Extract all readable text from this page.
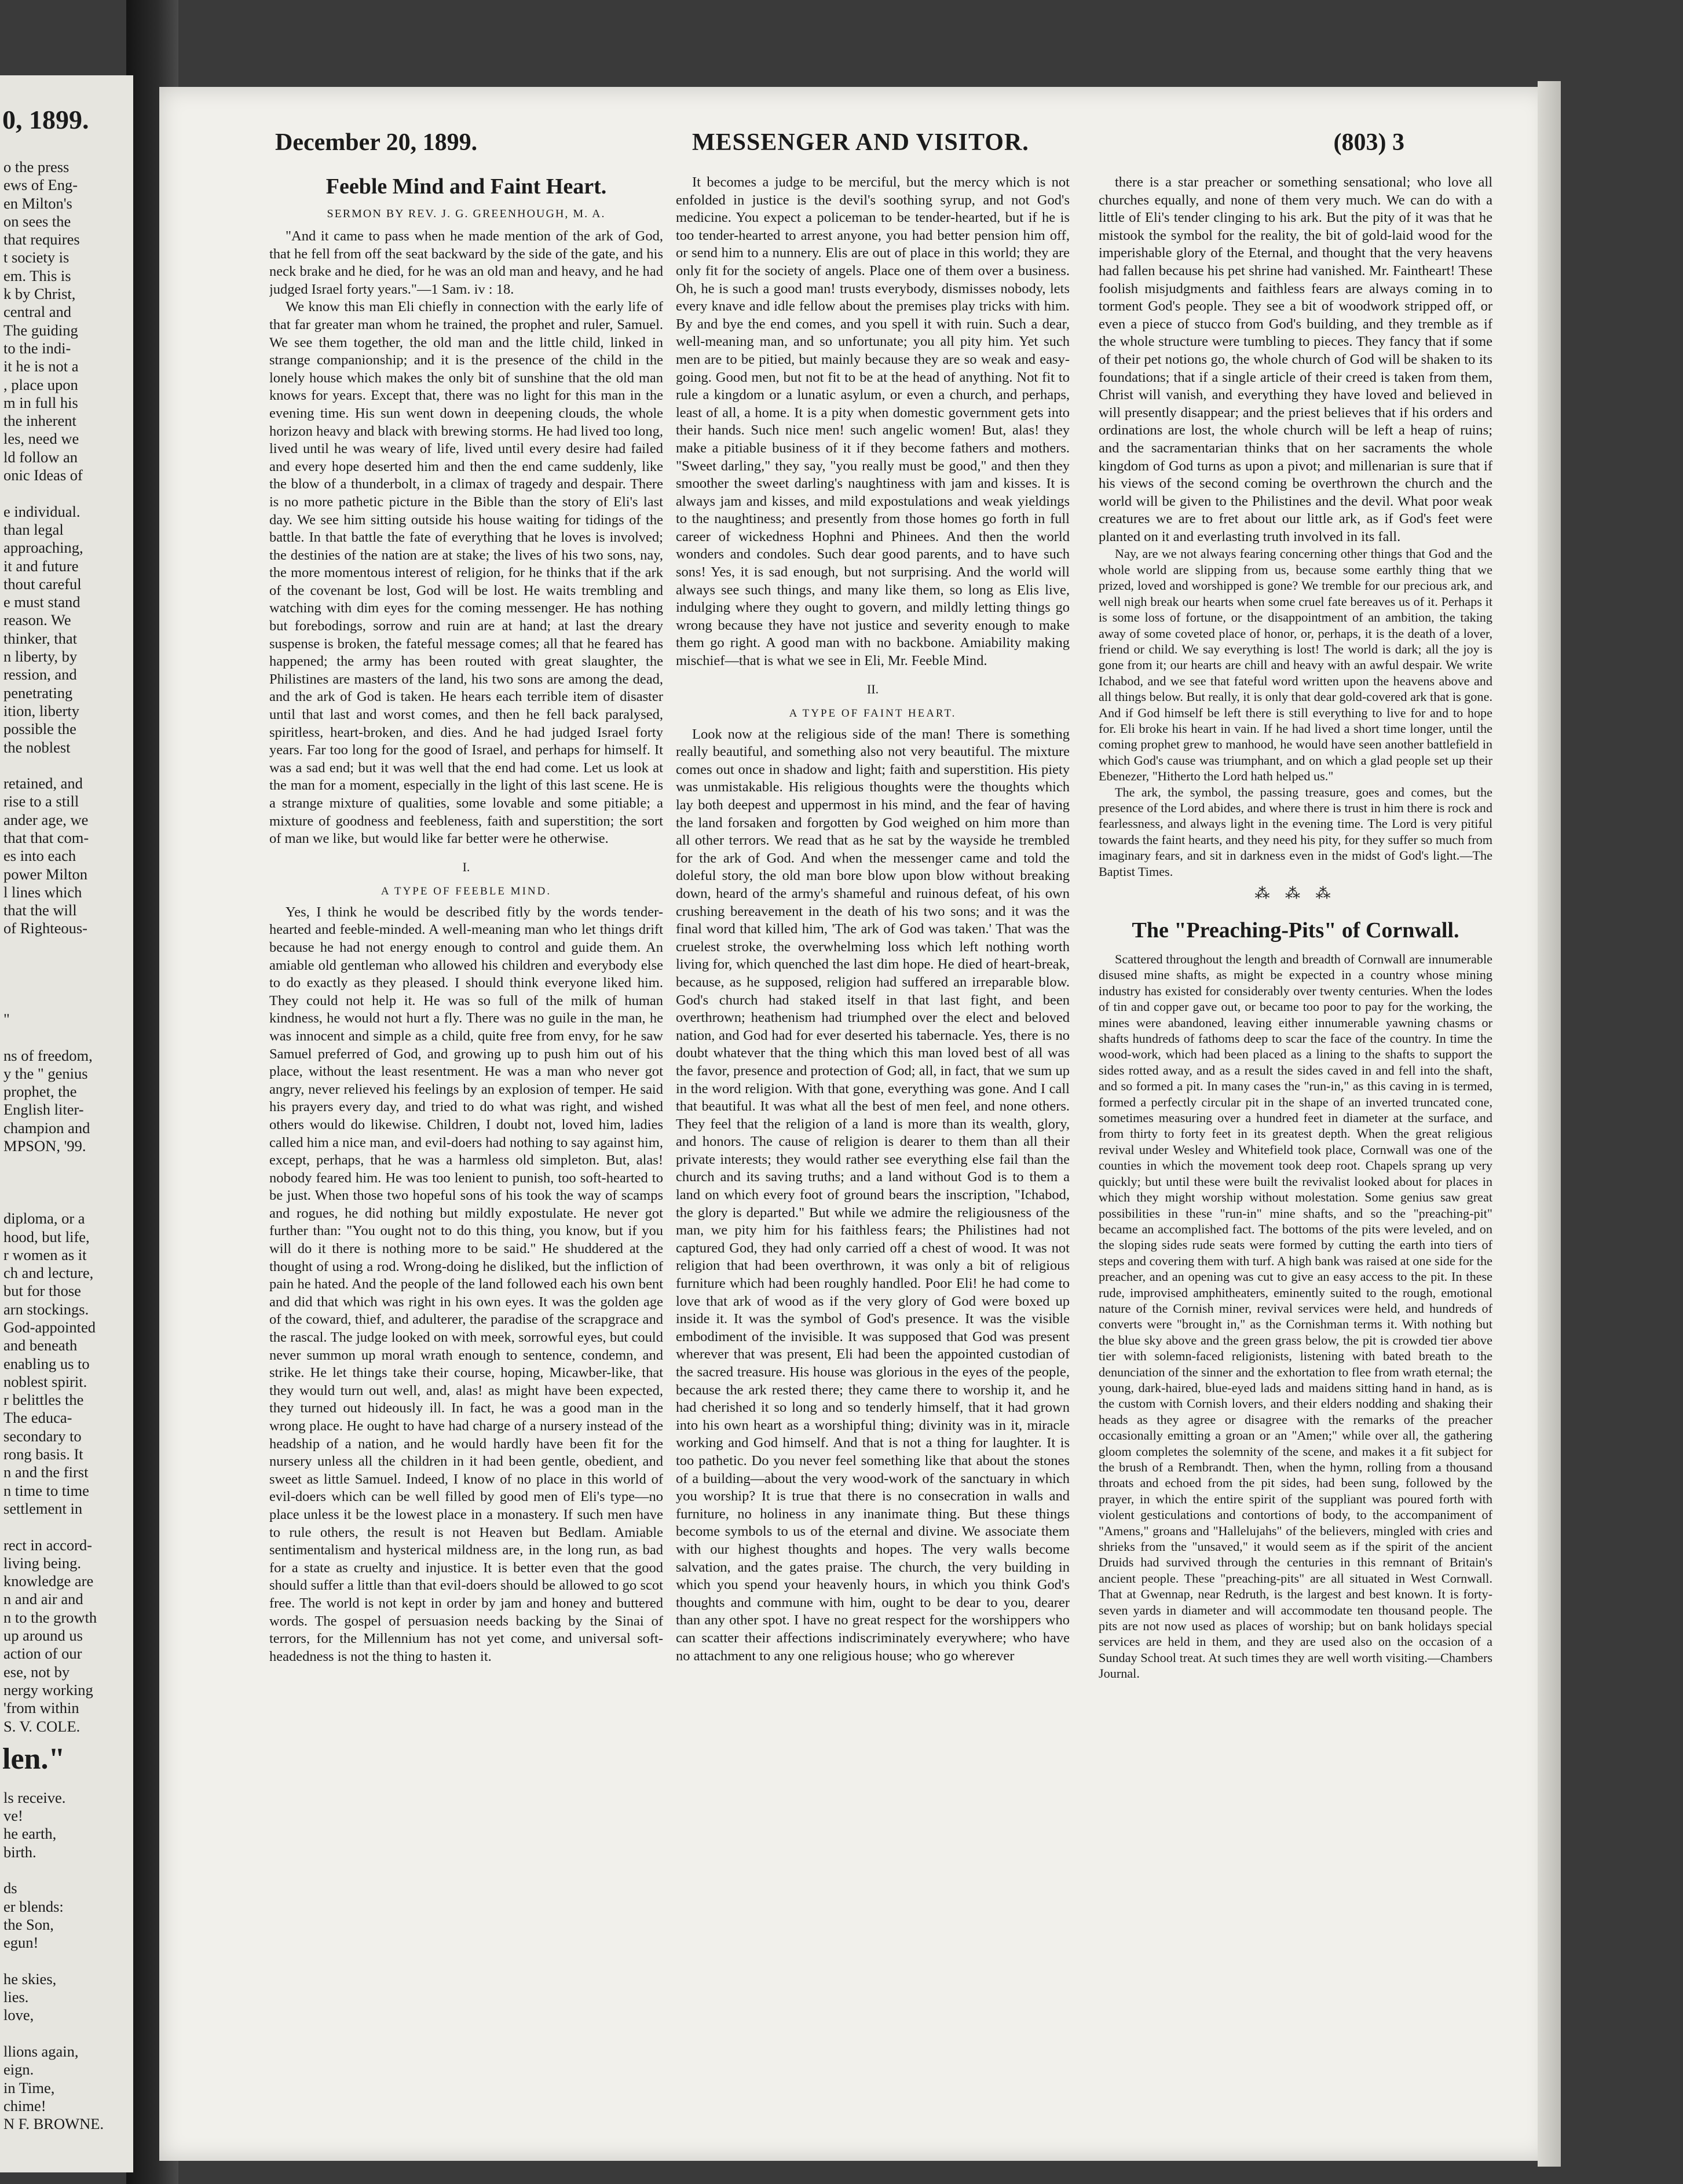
0, 1899.
o the press
ews of Eng-
en Milton's
on sees the
that requires
t society is
em. This is
k by Christ,
central and
The guiding
to the indi-
it he is not a
, place upon
m in full his
the inherent
les, need we
ld follow an
onic Ideas of
e individual.
than legal
approaching,
it and future
thout careful
e must stand
reason. We
thinker, that
n liberty, by
ression, and
penetrating
ition, liberty
possible the
the noblest
retained, and
rise to a still
ander age, we
that that com-
es into each
power Milton
l lines which
that the will
of Righteous-
"
ns of freedom,
y the " genius
prophet, the
English liter-
champion and
MPSON, '99.
diploma, or a
hood, but life,
r women as it
ch and lecture,
but for those
arn stockings.
God-appointed
and beneath
enabling us to
noblest spirit.
r belittles the
The educa-
secondary to
rong basis. It
n and the first
n time to time
settlement in
rect in accord-
living being.
knowledge are
n and air and
n to the growth
up around us
action of our
ese, not by
nergy working
'from within
S. V. COLE.
len."
ls receive.
ve!
he earth,
birth.
ds
er blends:
the Son,
egun!
he skies,
lies.
love,
llions again,
eign.
in Time,
chime!
N F. BROWNE.
December 20, 1899.	MESSENGER AND VISITOR.	(803) 3
Feeble Mind and Faint Heart.
SERMON BY REV. J. G. GREENHOUGH, M. A.

"And it came to pass when he made mention of the ark of God, that he fell from off the seat backward by the side of the gate, and his neck brake and he died, for he was an old man and heavy, and he had judged Israel forty years."—1 Sam. iv : 18.

We know this man Eli chiefly in connection with the early life of that far greater man whom he trained, the prophet and ruler, Samuel. We see them together, the old man and the little child, linked in strange companionship; and it is the presence of the child in the lonely house which makes the only bit of sunshine that the old man knows for years. Except that, there was no light for this man in the evening time. His sun went down in deepening clouds, the whole horizon heavy and black with brewing storms. He had lived too long, lived until he was weary of life, lived until every desire had failed and every hope deserted him and then the end came suddenly, like the blow of a thunderbolt, in a climax of tragedy and despair. There is no more pathetic picture in the Bible than the story of Eli's last day. We see him sitting outside his house waiting for tidings of the battle. In that battle the fate of everything that he loves is involved; the destinies of the nation are at stake; the lives of his two sons, nay, the more momentous interest of religion, for he thinks that if the ark of the covenant be lost, God will be lost. He waits trembling and watching with dim eyes for the coming messenger. He has nothing but forebodings, sorrow and ruin are at hand; at last the dreary suspense is broken, the fateful message comes; all that he feared has happened; the army has been routed with great slaughter, the Philistines are masters of the land, his two sons are among the dead, and the ark of God is taken. He hears each terrible item of disaster until that last and worst comes, and then he fell back paralysed, spiritless, heart-broken, and dies. And he had judged Israel forty years. Far too long for the good of Israel, and perhaps for himself. It was a sad end; but it was well that the end had come. Let us look at the man for a moment, especially in the light of this last scene. He is a strange mixture of qualities, some lovable and some pitiable; a mixture of goodness and feebleness, faith and superstition; the sort of man we like, but would like far better were he otherwise.

I.
A TYPE OF FEEBLE MIND.

Yes, I think he would be described fitly by the words tender-hearted and feeble-minded. A well-meaning man who let things drift because he had not energy enough to control and guide them. An amiable old gentleman who allowed his children and everybody else to do exactly as they pleased. I should think everyone liked him. They could not help it. He was so full of the milk of human kindness, he would not hurt a fly. There was no guile in the man, he was innocent and simple as a child, quite free from envy, for he saw Samuel preferred of God, and growing up to push him out of his place, without the least resentment. He was a man who never got angry, never relieved his feelings by an explosion of temper. He said his prayers every day, and tried to do what was right, and wished others would do likewise. Children, I doubt not, loved him, ladies called him a nice man, and evil-doers had nothing to say against him, except, perhaps, that he was a harmless old simpleton. But, alas! nobody feared him. He was too lenient to punish, too soft-hearted to be just. When those two hopeful sons of his took the way of scamps and rogues, he did nothing but mildly expostulate. He never got further than: "You ought not to do this thing, you know, but if you will do it there is nothing more to be said." He shuddered at the thought of using a rod. Wrong-doing he disliked, but the infliction of pain he hated. And the people of the land followed each his own bent and did that which was right in his own eyes. It was the golden age of the coward, thief, and adulterer, the paradise of the scrapgrace and the rascal. The judge looked on with meek, sorrowful eyes, but could never summon up moral wrath enough to sentence, condemn, and strike. He let things take their course, hoping, Micawber-like, that they would turn out well, and, alas! as might have been expected, they turned out hideously ill. In fact, he was a good man in the wrong place. He ought to have had charge of a nursery instead of the headship of a nation, and he would hardly have been fit for the nursery unless all the children in it had been gentle, obedient, and sweet as little Samuel. Indeed, I know of no place in this world of evil-doers which can be well filled by good men of Eli's type—no place unless it be the lowest place in a monastery. If such men have to rule others, the result is not Heaven but Bedlam. Amiable sentimentalism and hysterical mildness are, in the long run, as bad for a state as cruelty and injustice. It is better even that the good should suffer a little than that evil-doers should be allowed to go scot free. The world is not kept in order by jam and honey and buttered words. The gospel of persuasion needs backing by the Sinai of terrors, for the Millennium has not yet come, and universal soft-headedness is not the thing to hasten it.

It becomes a judge to be merciful, but the mercy which is not enfolded in justice is the devil's soothing syrup, and not God's medicine. You expect a policeman to be tender-hearted, but if he is too tender-hearted to arrest anyone, you had better pension him off, or send him to a nunnery. Elis are out of place in this world; they are only fit for the society of angels. Place one of them over a business. Oh, he is such a good man! trusts everybody, dismisses nobody, lets every knave and idle fellow about the premises play tricks with him. By and bye the end comes, and you spell it with ruin. Such a dear, well-meaning man, and so unfortunate; you all pity him. Yet such men are to be pitied, but mainly because they are so weak and easy-going. Good men, but not fit to be at the head of anything. Not fit to rule a kingdom or a lunatic asylum, or even a church, and perhaps, least of all, a home. It is a pity when domestic government gets into their hands. Such nice men! such angelic women! But, alas! they make a pitiable business of it if they become fathers and mothers. "Sweet darling," they say, "you really must be good," and then they smoother the sweet darling's naughtiness with jam and kisses. It is always jam and kisses, and mild expostulations and weak yieldings to the naughtiness; and presently from those homes go forth in full career of wickedness Hophni and Phinees. And then the world wonders and condoles. Such dear good parents, and to have such sons! Yes, it is sad enough, but not surprising. And the world will always see such things, and many like them, so long as Elis live, indulging where they ought to govern, and mildly letting things go wrong because they have not justice and severity enough to make them go right. A good man with no backbone. Amiability making mischief—that is what we see in Eli, Mr. Feeble Mind.

II.
A TYPE OF FAINT HEART.

Look now at the religious side of the man! There is something really beautiful, and something also not very beautiful. The mixture comes out once in shadow and light; faith and superstition. His piety was unmistakable. His religious thoughts were the thoughts which lay both deepest and uppermost in his mind, and the fear of having the land forsaken and forgotten by God weighed on him more than all other terrors. We read that as he sat by the wayside he trembled for the ark of God. And when the messenger came and told the doleful story, the old man bore blow upon blow without breaking down, heard of the army's shameful and ruinous defeat, of his own crushing bereavement in the death of his two sons; and it was the final word that killed him, 'The ark of God was taken.' That was the cruelest stroke, the overwhelming loss which left nothing worth living for, which quenched the last dim hope. He died of heart-break, because, as he supposed, religion had suffered an irreparable blow. God's church had staked itself in that last fight, and been overthrown; heathenism had triumphed over the elect and beloved nation, and God had for ever deserted his tabernacle. Yes, there is no doubt whatever that the thing which this man loved best of all was the favor, presence and protection of God; all, in fact, that we sum up in the word religion. With that gone, everything was gone. And I call that beautiful. It was what all the best of men feel, and none others. They feel that the religion of a land is more than its wealth, glory, and honors. The cause of religion is dearer to them than all their private interests; they would rather see everything else fail than the church and its saving truths; and a land without God is to them a land on which every foot of ground bears the inscription, "Ichabod, the glory is departed." But while we admire the religiousness of the man, we pity him for his faithless fears; the Philistines had not captured God, they had only carried off a chest of wood. It was not religion that had been overthrown, it was only a bit of religious furniture which had been roughly handled. Poor Eli! he had come to love that ark of wood as if the very glory of God were boxed up inside it. It was the symbol of God's presence. It was the visible embodiment of the invisible. It was supposed that God was present wherever that was present, Eli had been the appointed custodian of the sacred treasure. His house was glorious in the eyes of the people, because the ark rested there; they came there to worship it, and he had cherished it so long and so tenderly himself, that it had grown into his own heart as a worshipful thing; divinity was in it, miracle working and God himself. And that is not a thing for laughter. It is too pathetic. Do you never feel something like that about the stones of a building—about the very wood-work of the sanctuary in which you worship? It is true that there is no consecration in walls and furniture, no holiness in any inanimate thing. But these things become symbols to us of the eternal and divine. We associate them with our highest thoughts and hopes. The very walls become salvation, and the gates praise. The church, the very building in which you spend your heavenly hours, in which you think God's thoughts and commune with him, ought to be dear to you, dearer than any other spot. I have no great respect for the worshippers who can scatter their affections indiscriminately everywhere; who have no attachment to any one religious house; who go wherever

there is a star preacher or something sensational; who love all churches equally, and none of them very much. We can do with a little of Eli's tender clinging to his ark. But the pity of it was that he mistook the symbol for the reality, the bit of gold-laid wood for the imperishable glory of the Eternal, and thought that the very heavens had fallen because his pet shrine had vanished. Mr. Faintheart! These foolish misjudgments and faithless fears are always coming in to torment God's people. They see a bit of woodwork stripped off, or even a piece of stucco from God's building, and they tremble as if the whole structure were tumbling to pieces. They fancy that if some of their pet notions go, the whole church of God will be shaken to its foundations; that if a single article of their creed is taken from them, Christ will vanish, and everything they have loved and believed in will presently disappear; and the priest believes that if his orders and ordinations are lost, the whole church will be left a heap of ruins; and the sacramentarian thinks that on her sacraments the whole kingdom of God turns as upon a pivot; and millenarian is sure that if his views of the second coming be overthrown the church and the world will be given to the Philistines and the devil. What poor weak creatures we are to fret about our little ark, as if God's feet were planted on it and everlasting truth involved in its fall.

Nay, are we not always fearing concerning other things that God and the whole world are slipping from us, because some earthly thing that we prized, loved and worshipped is gone? We tremble for our precious ark, and well nigh break our hearts when some cruel fate bereaves us of it. Perhaps it is some loss of fortune, or the disappointment of an ambition, the taking away of some coveted place of honor, or, perhaps, it is the death of a lover, friend or child. We say everything is lost! The world is dark; all the joy is gone from it; our hearts are chill and heavy with an awful despair. We write Ichabod, and we see that fateful word written upon the heavens above and all things below. But really, it is only that dear gold-covered ark that is gone. And if God himself be left there is still everything to live for and to hope for. Eli broke his heart in vain. If he had lived a short time longer, until the coming prophet grew to manhood, he would have seen another battlefield in which God's cause was triumphant, and on which a glad people set up their Ebenezer, "Hitherto the Lord hath helped us."

The ark, the symbol, the passing treasure, goes and comes, but the presence of the Lord abides, and where there is trust in him there is rock and fearlessness, and always light in the evening time. The Lord is very pitiful towards the faint hearts, and they need his pity, for they suffer so much from imaginary fears, and sit in darkness even in the midst of God's light.—The Baptist Times.

⁂ ⁂ ⁂
The "Preaching-Pits" of Cornwall.

Scattered throughout the length and breadth of Cornwall are innumerable disused mine shafts, as might be expected in a country whose mining industry has existed for considerably over twenty centuries. When the lodes of tin and copper gave out, or became too poor to pay for the working, the mines were abandoned, leaving either innumerable yawning chasms or shafts hundreds of fathoms deep to scar the face of the country. In time the wood-work, which had been placed as a lining to the shafts to support the sides rotted away, and as a result the sides caved in and fell into the shaft, and so formed a pit. In many cases the "run-in," as this caving in is termed, formed a perfectly circular pit in the shape of an inverted truncated cone, sometimes measuring over a hundred feet in diameter at the surface, and from thirty to forty feet in its greatest depth. When the great religious revival under Wesley and Whitefield took place, Cornwall was one of the counties in which the movement took deep root. Chapels sprang up very quickly; but until these were built the revivalist looked about for places in which they might worship without molestation. Some genius saw great possibilities in these "run-in" mine shafts, and so the "preaching-pit" became an accomplished fact. The bottoms of the pits were leveled, and on the sloping sides rude seats were formed by cutting the earth into tiers of steps and covering them with turf. A high bank was raised at one side for the preacher, and an opening was cut to give an easy access to the pit. In these rude, improvised amphitheaters, eminently suited to the rough, emotional nature of the Cornish miner, revival services were held, and hundreds of converts were "brought in," as the Cornishman terms it. With nothing but the blue sky above and the green grass below, the pit is crowded tier above tier with solemn-faced religionists, listening with bated breath to the denunciation of the sinner and the exhortation to flee from wrath eternal; the young, dark-haired, blue-eyed lads and maidens sitting hand in hand, as is the custom with Cornish lovers, and their elders nodding and shaking their heads as they agree or disagree with the remarks of the preacher occasionally emitting a groan or an "Amen;" while over all, the gathering gloom completes the solemnity of the scene, and makes it a fit subject for the brush of a Rembrandt. Then, when the hymn, rolling from a thousand throats and echoed from the pit sides, had been sung, followed by the prayer, in which the entire spirit of the suppliant was poured forth with violent gesticulations and contortions of body, to the accompaniment of "Amens," groans and "Hallelujahs" of the believers, mingled with cries and shrieks from the "unsaved," it would seem as if the spirit of the ancient Druids had survived through the centuries in this remnant of Britain's ancient people. These "preaching-pits" are all situated in West Cornwall. That at Gwennap, near Redruth, is the largest and best known. It is forty-seven yards in diameter and will accommodate ten thousand people. The pits are not now used as places of worship; but on bank holidays special services are held in them, and they are used also on the occasion of a Sunday School treat. At such times they are well worth visiting.—Chambers Journal.
